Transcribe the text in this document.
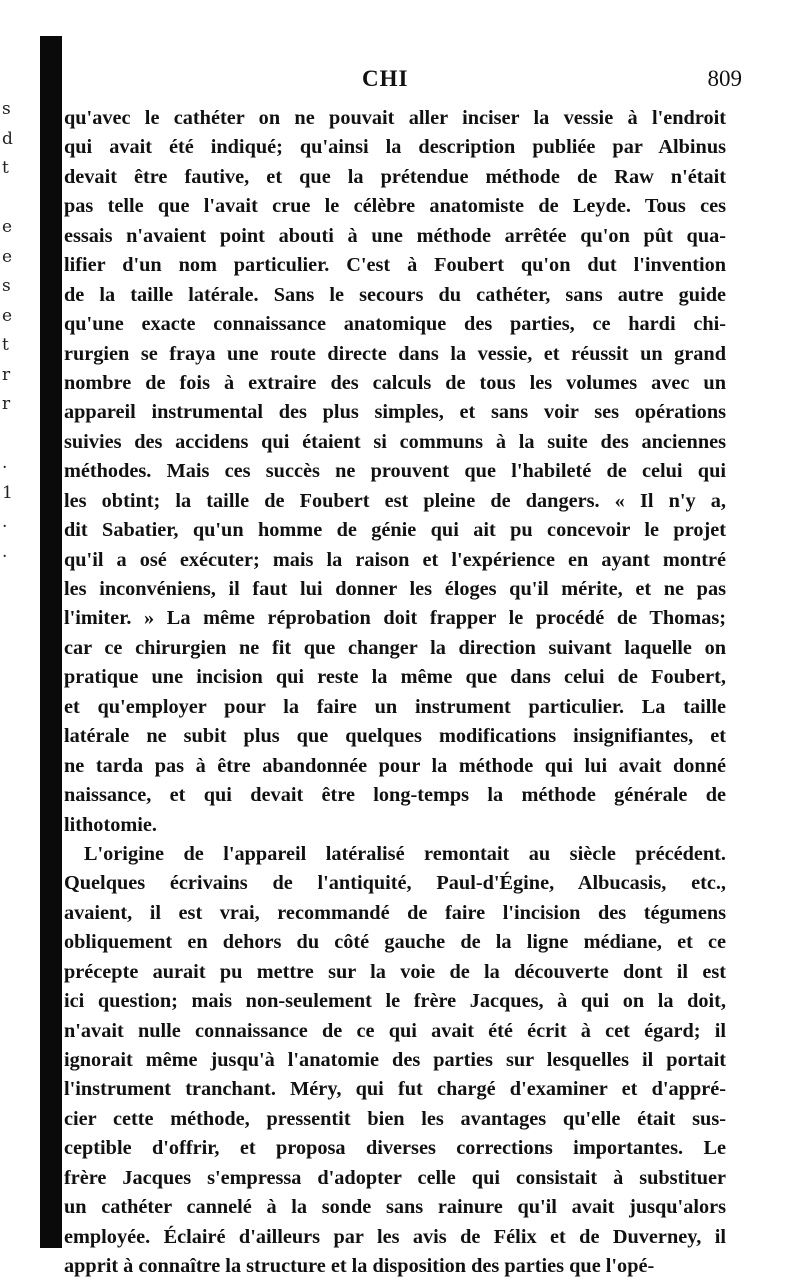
s
d
t

e
e
s
e
t
r
r

.
1
.
.
CHI	809
qu'avec le cathéter on ne pouvait aller inciser la vessie à l'endroit
qui avait été indiqué; qu'ainsi la description publiée par Albinus
devait être fautive, et que la prétendue méthode de Raw n'était
pas telle que l'avait crue le célèbre anatomiste de Leyde. Tous ces
essais n'avaient point abouti à une méthode arrêtée qu'on pût qua-
lifier d'un nom particulier. C'est à Foubert qu'on dut l'invention
de la taille latérale. Sans le secours du cathéter, sans autre guide
qu'une exacte connaissance anatomique des parties, ce hardi chi-
rurgien se fraya une route directe dans la vessie, et réussit un grand
nombre de fois à extraire des calculs de tous les volumes avec un
appareil instrumental des plus simples, et sans voir ses opérations
suivies des accidens qui étaient si communs à la suite des anciennes
méthodes. Mais ces succès ne prouvent que l'habileté de celui qui
les obtint; la taille de Foubert est pleine de dangers. « Il n'y a,
dit Sabatier, qu'un homme de génie qui ait pu concevoir le projet
qu'il a osé exécuter; mais la raison et l'expérience en ayant montré
les inconvéniens, il faut lui donner les éloges qu'il mérite, et ne pas
l'imiter. » La même réprobation doit frapper le procédé de Thomas;
car ce chirurgien ne fit que changer la direction suivant laquelle on
pratique une incision qui reste la même que dans celui de Foubert,
et qu'employer pour la faire un instrument particulier. La taille
latérale ne subit plus que quelques modifications insignifiantes, et
ne tarda pas à être abandonnée pour la méthode qui lui avait donné
naissance, et qui devait être long-temps la méthode générale de
lithotomie.
L'origine de l'appareil latéralisé remontait au siècle précédent.
Quelques écrivains de l'antiquité, Paul-d'Égine, Albucasis, etc.,
avaient, il est vrai, recommandé de faire l'incision des tégumens
obliquement en dehors du côté gauche de la ligne médiane, et ce
précepte aurait pu mettre sur la voie de la découverte dont il est
ici question; mais non-seulement le frère Jacques, à qui on la doit,
n'avait nulle connaissance de ce qui avait été écrit à cet égard; il
ignorait même jusqu'à l'anatomie des parties sur lesquelles il portait
l'instrument tranchant. Méry, qui fut chargé d'examiner et d'appré-
cier cette méthode, pressentit bien les avantages qu'elle était sus-
ceptible d'offrir, et proposa diverses corrections importantes. Le
frère Jacques s'empressa d'adopter celle qui consistait à substituer
un cathéter cannelé à la sonde sans rainure qu'il avait jusqu'alors
employée. Éclairé d'ailleurs par les avis de Félix et de Duverney, il
apprit à connaître la structure et la disposition des parties que l'opé-
